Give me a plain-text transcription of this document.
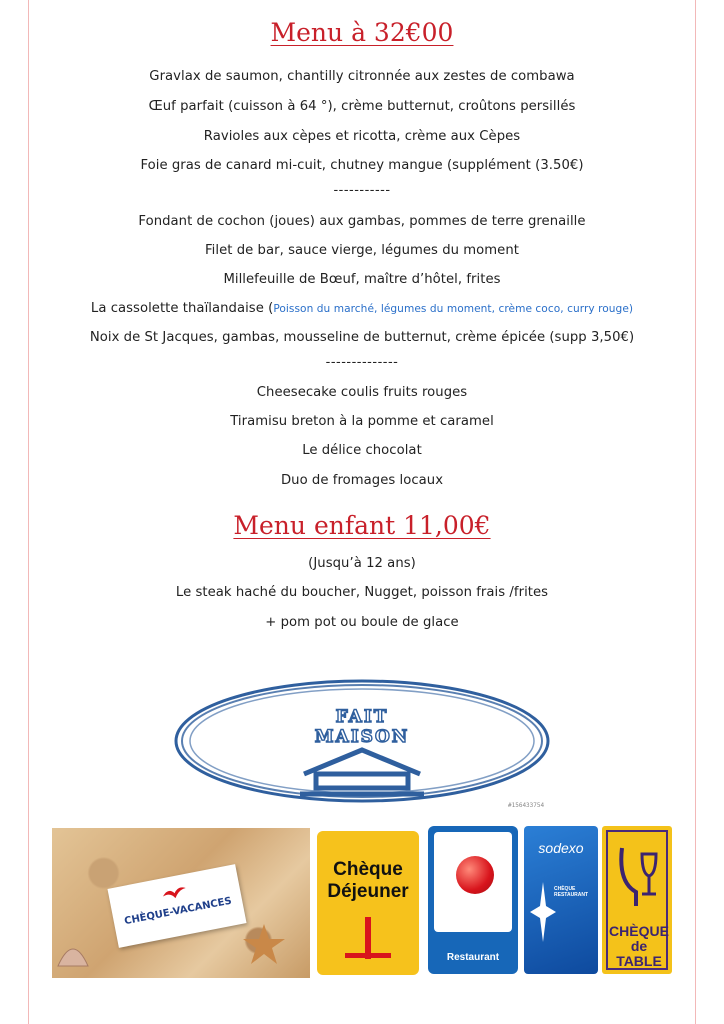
Menu à 32€00
Gravlax de saumon, chantilly citronnée aux zestes de combawa
Œuf parfait (cuisson à 64 °), crème butternut, croûtons persillés
Ravioles aux cèpes et ricotta, crème aux Cèpes
Foie gras de canard mi-cuit, chutney mangue (supplément (3.50€)
-----------
Fondant de cochon (joues) aux gambas, pommes de terre grenaille
Filet de bar, sauce vierge, légumes du moment
Millefeuille de Bœuf, maître d’hôtel, frites
La cassolette thaïlandaise (Poisson du marché, légumes du moment, crème coco, curry rouge)
Noix de St Jacques, gambas, mousseline de butternut, crème épicée (supp 3,50€)
--------------
Cheesecake coulis fruits rouges
Tiramisu breton à la pomme et caramel
Le délice chocolat
Duo de fromages locaux
Menu enfant 11,00€
(Jusqu’à 12 ans)
Le steak haché du boucher, Nugget, poisson frais /frites
+ pom pot ou boule de glace
FAIT
MAISON
#156433754
CHÈQUE-VACANCES
Chèque
Déjeuner
Ticket
Restaurant
sodexo
CHÈQUE RESTAURANT
CHÈQUE
de TABLE
